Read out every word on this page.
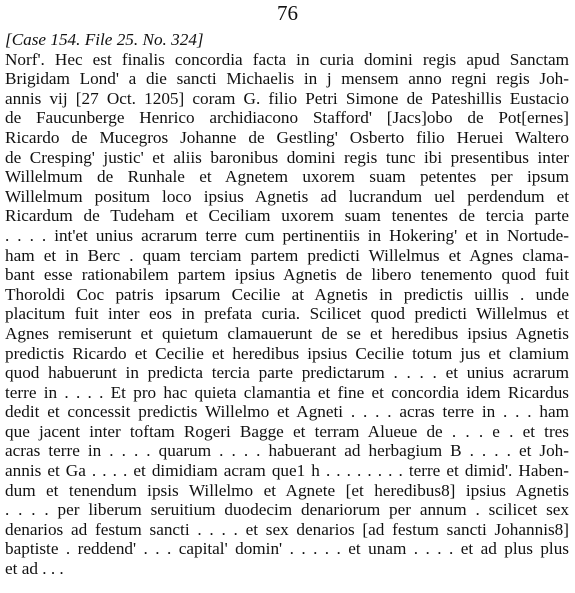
76
[Case 154. File 25. No. 324]
Norf'. Hec est finalis concordia facta in curia domini regis apud Sanctam
Brigidam Lond' a die sancti Michaelis in j mensem anno regni regis Joh-
annis vij [27 Oct. 1205] coram G. filio Petri Simone de Pateshillis Eustacio
de Faucunberge Henrico archidiacono Stafford' [Jacs]obo de Pot[ernes]
Ricardo de Mucegros Johanne de Gestling' Osberto filio Heruei Waltero
de Cresping' justic' et aliis baronibus domini regis tunc ibi presentibus inter
Willelmum de Runhale et Agnetem uxorem suam petentes per ipsum
Willelmum positum loco ipsius Agnetis ad lucrandum uel perdendum et
Ricardum de Tudeham et Ceciliam uxorem suam tenentes de tercia parte
. . . . int'et unius acrarum terre cum pertinentiis in Hokering' et in Nortude-
ham et in Berc . quam terciam partem predicti Willelmus et Agnes clama-
bant esse rationabilem partem ipsius Agnetis de libero tenemento quod fuit
Thoroldi Coc patris ipsarum Cecilie at Agnetis in predictis uillis . unde
placitum fuit inter eos in prefata curia. Scilicet quod predicti Willelmus et
Agnes remiserunt et quietum clamauerunt de se et heredibus ipsius Agnetis
predictis Ricardo et Cecilie et heredibus ipsius Cecilie totum jus et clamium
quod habuerunt in predicta tercia parte predictarum . . . . et unius acrarum
terre in . . . . Et pro hac quieta clamantia et fine et concordia idem Ricardus
dedit et concessit predictis Willelmo et Agneti . . . . acras terre in . . . ham
que jacent inter toftam Rogeri Bagge et terram Alueue de . . . e . et tres
acras terre in . . . . quarum . . . . habuerant ad herbagium B . . . . et Joh-
annis et Ga . . . . et dimidiam acram que1 h . . . . . . . . terre et dimid'. Haben-
dum et tenendum ipsis Willelmo et Agnete [et heredibus8] ipsius Agnetis
. . . . per liberum seruitium duodecim denariorum per annum . scilicet sex
denarios ad festum sancti . . . . et sex denarios [ad festum sancti Johannis8]
baptiste . reddend' . . . capital' domin' . . . . . et unam . . . . et ad plus plus
et ad . . .
